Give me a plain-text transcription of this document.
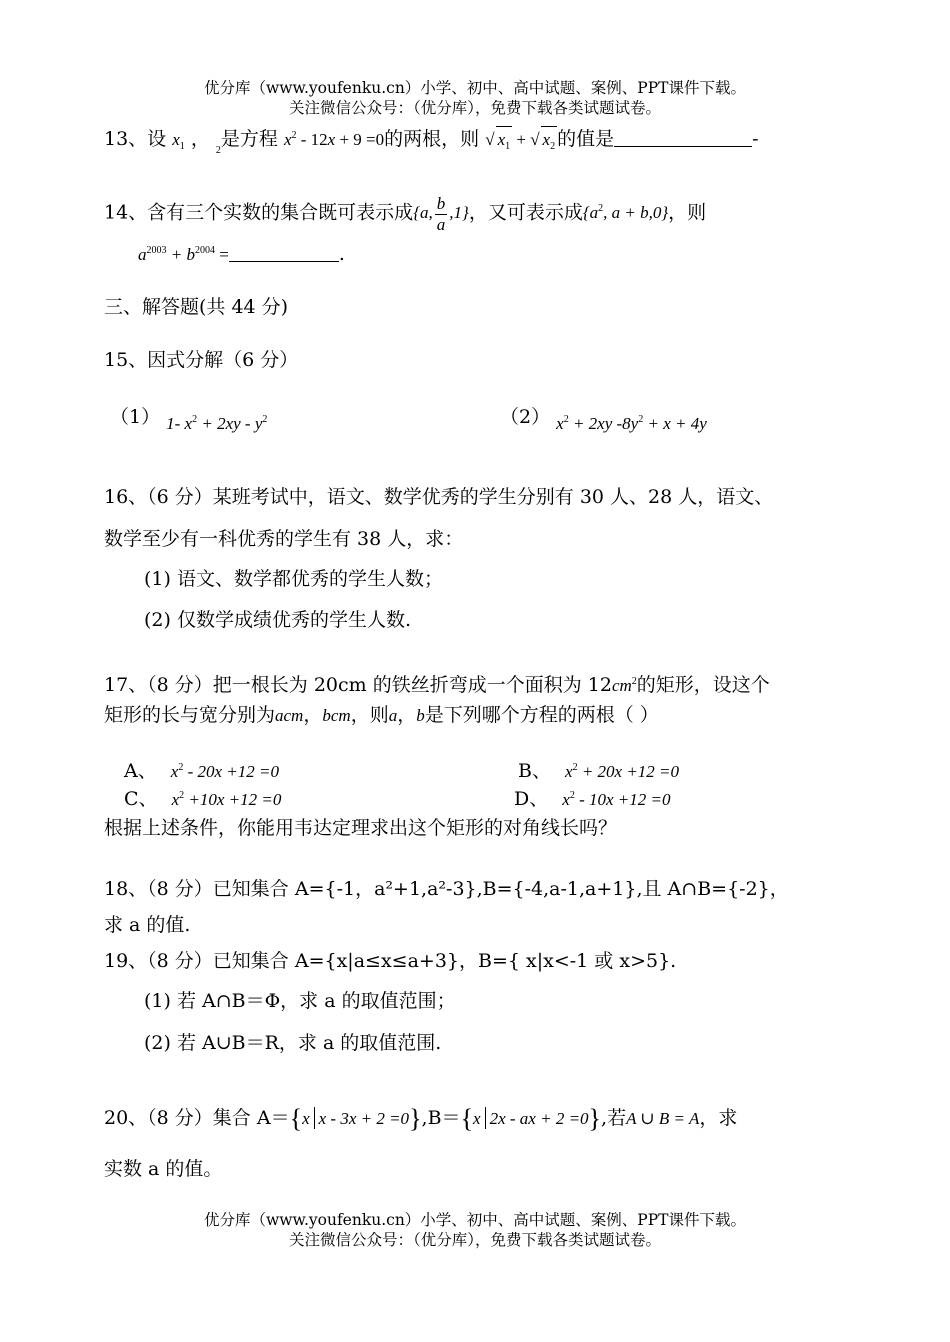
优分库（www.youfenku.cn）小学、初中、高中试题、案例、PPT课件下载。
关注微信公众号：（优分库），免费下载各类试题试卷。
13、设 $x_1$ ， $_2$是方程 $x^2 - 12x + 9 =0$的两根，则 √ $x_1$ + √ $x_2$ 的值是	-
14、含有三个实数的集合既可表示成{a, $\frac{b}{a} ,1$}，又可表示成{$a^2$, a + b,0}，则
$a^{2003} + b^{2004}$ =	.
三、解答题(共 44 分)
15、因式分解（6 分）
（1） 1- $x^2 + 2xy - y^2$	（2） $x^2 + 2xy$ $-8y^2 + x + 4y$
16、（6 分）某班考试中，语文、数学优秀的学生分别有 30 人、28 人，语文、
数学至少有一科优秀的学生有 38 人，求：
(1) 语文、数学都优秀的学生人数；
(2) 仅数学成绩优秀的学生人数.
17、（8 分）把一根长为 20cm 的铁丝折弯成一个面积为 $12cm^2$的矩形，设这个
矩形的长与宽分别为acm，bcm，则a，b是下列哪个方程的两根（ ）
A、 $x^2 - 20x +12 =0$	B、 $x^2 + 20x +12 =0$
C、 $x^2 +10x +12 =0$	D、 $x^2 - 10x +12 =0$
根据上述条件，你能用韦达定理求出这个矩形的对角线长吗？
18、（8 分）已知集合 A={-1，a²+1,a²-3},B={-4,a-1,a+1},且 A∩B={-2}，
求 a 的值.
19、（8 分）已知集合 A={x|a≤x≤a+3}，B={ x|x<-1 或 x>5}.
(1) 若 A∩B＝Φ，求 a 的取值范围；
(2) 若 A∪B＝R，求 a 的取值范围.
20、（8 分）集合 A＝{x x - 3x + 2 =0},B＝{x 2x - ax + 2 =0},若A ∪ B = A，求
实数 a 的值。
优分库（www.youfenku.cn）小学、初中、高中试题、案例、PPT课件下载。
关注微信公众号：（优分库），免费下载各类试题试卷。
